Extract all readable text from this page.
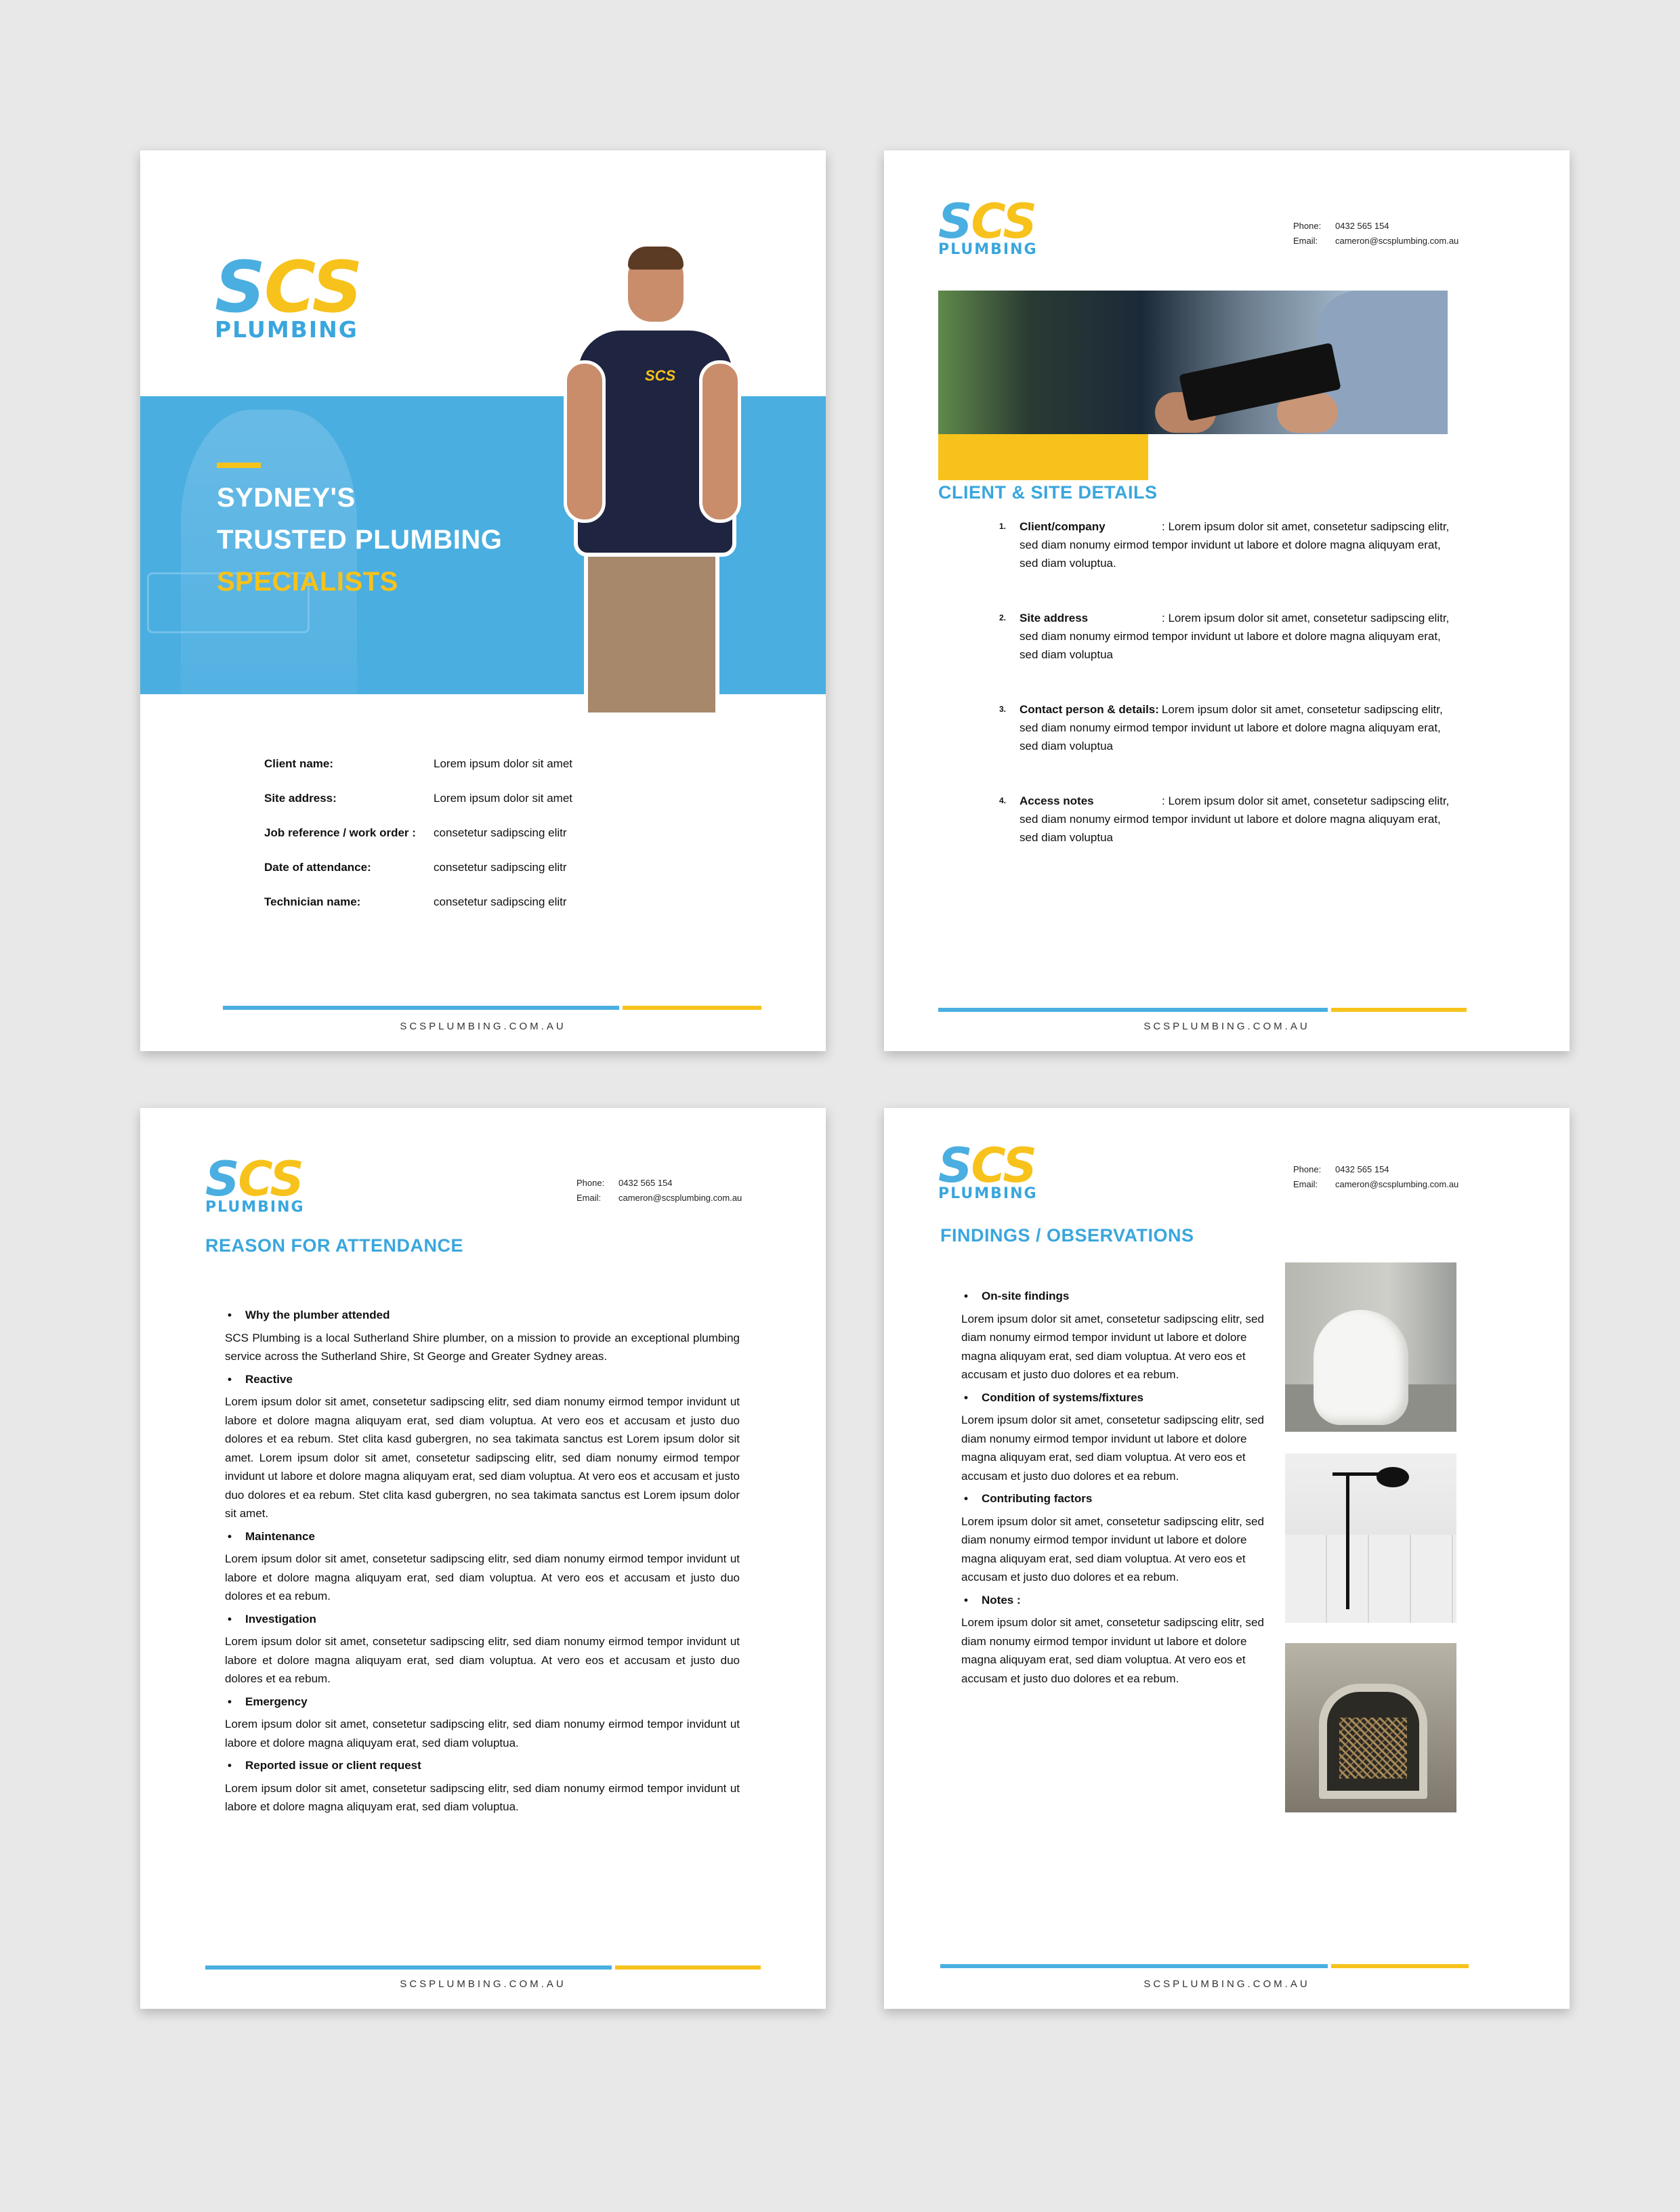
SCS
PLUMBING
SYDNEY'S
TRUSTED PLUMBING
SPECIALISTS
SCS
Client name:	Lorem ipsum dolor sit amet
Site address:	Lorem ipsum dolor sit amet
Job reference / work order : consetetur sadipscing elitr
Date of attendance:	consetetur sadipscing elitr
Technician name:	consetetur sadipscing elitr
SCSPLUMBING.COM.AU
SCS
PLUMBING
Phone: 0432 565 154
Email: cameron@scsplumbing.com.au
CLIENT & SITE DETAILS
1. Client/company	: Lorem ipsum dolor sit amet, consetetur sadipscing elitr, sed diam nonumy eirmod tempor invidunt ut labore et dolore magna aliquyam erat, sed diam voluptua.
2. Site address	: Lorem ipsum dolor sit amet, consetetur sadipscing elitr, sed diam nonumy eirmod tempor invidunt ut labore et dolore magna aliquyam erat, sed diam voluptua
3. Contact person & details: Lorem ipsum dolor sit amet, consetetur sadipscing elitr, sed diam nonumy eirmod tempor invidunt ut labore et dolore magna aliquyam erat, sed diam voluptua
4. Access notes	: Lorem ipsum dolor sit amet, consetetur sadipscing elitr, sed diam nonumy eirmod tempor invidunt ut labore et dolore magna aliquyam erat, sed diam voluptua
SCSPLUMBING.COM.AU
SCS
PLUMBING
Phone: 0432 565 154
Email: cameron@scsplumbing.com.au
REASON FOR ATTENDANCE
• Why the plumber attended

SCS Plumbing is a local Sutherland Shire plumber, on a mission to provide an exceptional plumbing service across the Sutherland Shire, St George and Greater Sydney areas.

• Reactive

Lorem ipsum dolor sit amet, consetetur sadipscing elitr, sed diam nonumy eirmod tempor invidunt ut labore et dolore magna aliquyam erat, sed diam voluptua. At vero eos et accusam et justo duo dolores et ea rebum. Stet clita kasd gubergren, no sea takimata sanctus est Lorem ipsum dolor sit amet. Lorem ipsum dolor sit amet, consetetur sadipscing elitr, sed diam nonumy eirmod tempor invidunt ut labore et dolore magna aliquyam erat, sed diam voluptua. At vero eos et accusam et justo duo dolores et ea rebum. Stet clita kasd gubergren, no sea takimata sanctus est Lorem ipsum dolor sit amet.

• Maintenance

Lorem ipsum dolor sit amet, consetetur sadipscing elitr, sed diam nonumy eirmod tempor invidunt ut labore et dolore magna aliquyam erat, sed diam voluptua. At vero eos et accusam et justo duo dolores et ea rebum.

• Investigation

Lorem ipsum dolor sit amet, consetetur sadipscing elitr, sed diam nonumy eirmod tempor invidunt ut labore et dolore magna aliquyam erat, sed diam voluptua. At vero eos et accusam et justo duo dolores et ea rebum.

• Emergency

Lorem ipsum dolor sit amet, consetetur sadipscing elitr, sed diam nonumy eirmod tempor invidunt ut labore et dolore magna aliquyam erat, sed diam voluptua.

• Reported issue or client request

Lorem ipsum dolor sit amet, consetetur sadipscing elitr, sed diam nonumy eirmod tempor invidunt ut labore et dolore magna aliquyam erat, sed diam voluptua.

SCSPLUMBING.COM.AU
SCS
PLUMBING
Phone: 0432 565 154
Email: cameron@scsplumbing.com.au
FINDINGS / OBSERVATIONS
• On-site findings

Lorem ipsum dolor sit amet, consetetur sadipscing elitr, sed diam nonumy eirmod tempor invidunt ut labore et dolore magna aliquyam erat, sed diam voluptua. At vero eos et accusam et justo duo dolores et ea rebum.

• Condition of systems/fixtures

Lorem ipsum dolor sit amet, consetetur sadipscing elitr, sed diam nonumy eirmod tempor invidunt ut labore et dolore magna aliquyam erat, sed diam voluptua. At vero eos et accusam et justo duo dolores et ea rebum.

• Contributing factors

Lorem ipsum dolor sit amet, consetetur sadipscing elitr, sed diam nonumy eirmod tempor invidunt ut labore et dolore magna aliquyam erat, sed diam voluptua. At vero eos et accusam et justo duo dolores et ea rebum.

• Notes :

Lorem ipsum dolor sit amet, consetetur sadipscing elitr, sed diam nonumy eirmod tempor invidunt ut labore et dolore magna aliquyam erat, sed diam voluptua. At vero eos et accusam et justo duo dolores et ea rebum.

SCSPLUMBING.COM.AU
